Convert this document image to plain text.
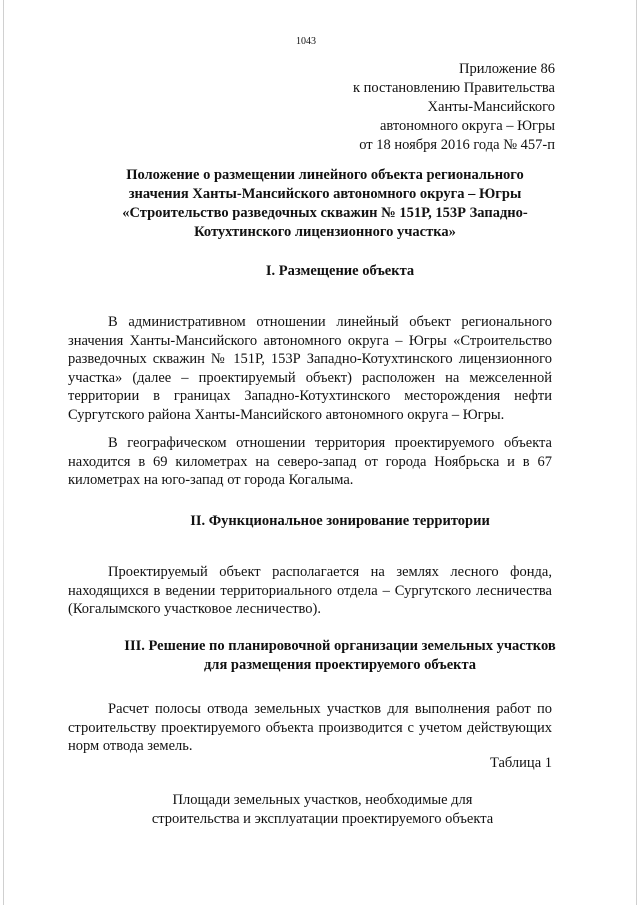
1043
Приложение 86
к постановлению Правительства
Ханты-Мансийского
автономного округа – Югры
от 18 ноября 2016 года № 457-п
Положение о размещении линейного объекта регионального
значения Ханты-Мансийского автономного округа – Югры
«Строительство разведочных скважин № 151Р, 153Р Западно-
Котухтинского лицензионного участка»
I. Размещение объекта

В административном отношении линейный объект регионального значения Ханты-Мансийского автономного округа – Югры «Строительство разведочных скважин № 151Р, 153Р Западно-Котухтинского лицензионного участка» (далее – проектируемый объект) расположен на межселенной территории в границах Западно-Котухтинского месторождения нефти Сургутского района Ханты-Мансийского автономного округа – Югры.

В географическом отношении территория проектируемого объекта находится в 69 километрах на северо-запад от города Ноябрьска и в 67 километрах на юго-запад от города Когалыма.

II. Функциональное зонирование территории

Проектируемый объект располагается на землях лесного фонда, находящихся в ведении территориального отдела – Сургутского лесничества (Когалымского участковое лесничество).

III. Решение по планировочной организации земельных участков
для размещения проектируемого объекта

Расчет полосы отвода земельных участков для выполнения работ по строительству проектируемого объекта производится с учетом действующих норм отвода земель.

Таблица 1
Площади земельных участков, необходимые для
строительства и эксплуатации проектируемого объекта
